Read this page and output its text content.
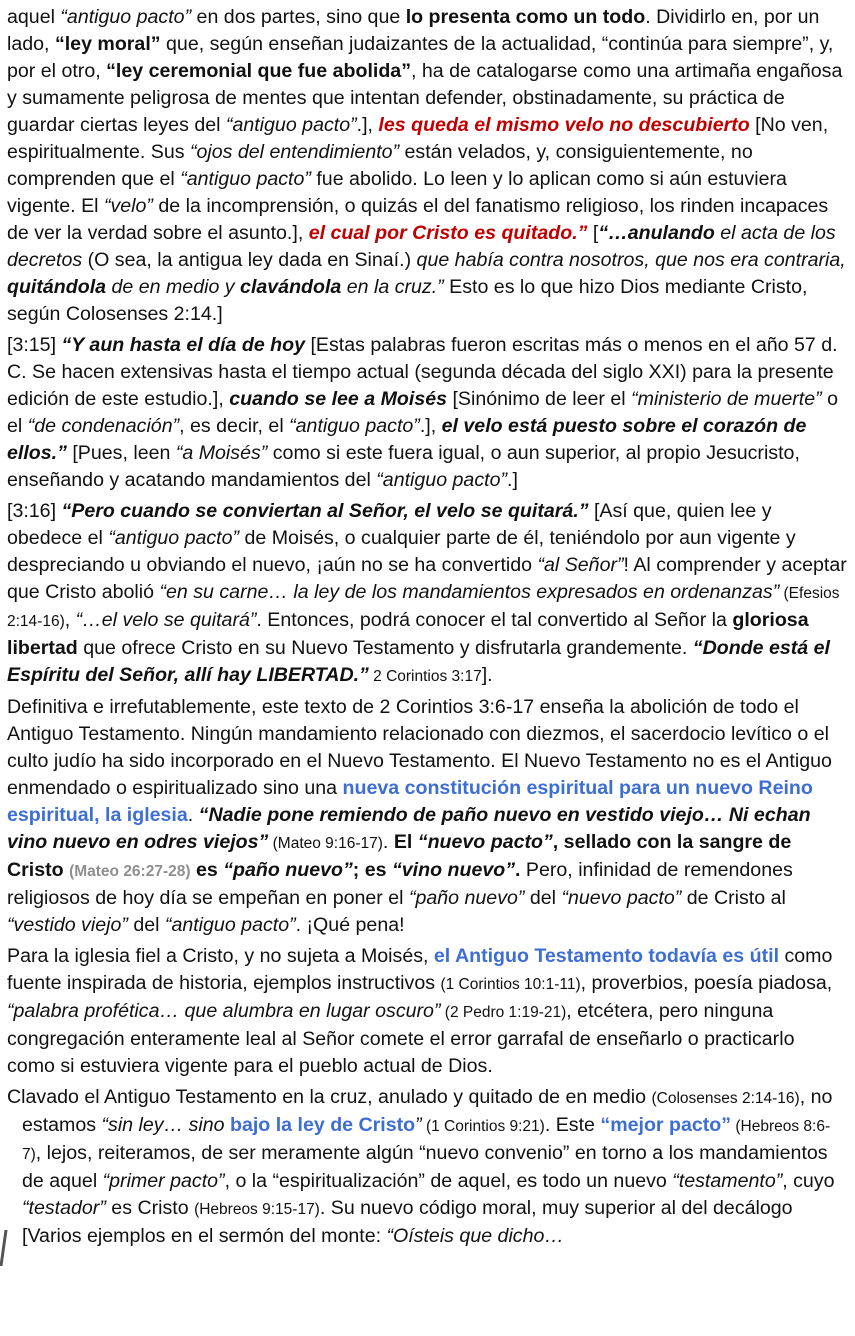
aquel “antiguo pacto” en dos partes, sino que lo presenta como un todo. Dividirlo en, por un lado, “ley moral” que, según enseñan judaizantes de la actualidad, “continúa para siempre”, y, por el otro, “ley ceremonial que fue abolida”, ha de catalogarse como una artimaña engañosa y sumamente peligrosa de mentes que intentan defender, obstinadamente, su práctica de guardar ciertas leyes del “antiguo pacto”.], les queda el mismo velo no descubierto [No ven, espiritualmente. Sus “ojos del entendimiento” están velados, y, consiguientemente, no comprenden que el “antiguo pacto” fue abolido. Lo leen y lo aplican como si aún estuviera vigente. El “velo” de la incomprensión, o quizás el del fanatismo religioso, los rinden incapaces de ver la verdad sobre el asunto.], el cual por Cristo es quitado.” [“…anulando el acta de los decretos (O sea, la antigua ley dada en Sinaí.) que había contra nosotros, que nos era contraria, quitándola de en medio y clavándola en la cruz.” Esto es lo que hizo Dios mediante Cristo, según Colosenses 2:14.]

[3:15] “Y aun hasta el día de hoy [Estas palabras fueron escritas más o menos en el año 57 d. C. Se hacen extensivas hasta el tiempo actual (segunda década del siglo XXI) para la presente edición de este estudio.], cuando se lee a Moisés [Sinónimo de leer el “ministerio de muerte” o el “de condenación”, es decir, el “antiguo pacto”.], el velo está puesto sobre el corazón de ellos.” [Pues, leen “a Moisés” como si este fuera igual, o aun superior, al propio Jesucristo, enseñando y acatando mandamientos del “antiguo pacto”.]

[3:16] “Pero cuando se conviertan al Señor, el velo se quitará.” [Así que, quien lee y obedece el “antiguo pacto” de Moisés, o cualquier parte de él, teniéndolo por aun vigente y despreciando u obviando el nuevo, ¡aún no se ha convertido “al Señor”! Al comprender y aceptar que Cristo abolió “en su carne… la ley de los mandamientos expresados en ordenanzas” (Efesios 2:14-16), “…el velo se quitará”. Entonces, podrá conocer el tal convertido al Señor la gloriosa libertad que ofrece Cristo en su Nuevo Testamento y disfrutarla grandemente. “Donde está el Espíritu del Señor, allí hay LIBERTAD.” 2 Corintios 3:17].

Definitiva e irrefutablemente, este texto de 2 Corintios 3:6-17 enseña la abolición de todo el Antiguo Testamento. Ningún mandamiento relacionado con diezmos, el sacerdocio levítico o el culto judío ha sido incorporado en el Nuevo Testamento. El Nuevo Testamento no es el Antiguo enmendado o espiritualizado sino una nueva constitución espiritual para un nuevo Reino espiritual, la iglesia. “Nadie pone remiendo de paño nuevo en vestido viejo… Ni echan vino nuevo en odres viejos” (Mateo 9:16-17). El “nuevo pacto”, sellado con la sangre de Cristo (Mateo 26:27-28) es “paño nuevo”; es “vino nuevo”. Pero, infinidad de remendones religiosos de hoy día se empeñan en poner el “paño nuevo” del “nuevo pacto” de Cristo al “vestido viejo” del “antiguo pacto”. ¡Qué pena!

Para la iglesia fiel a Cristo, y no sujeta a Moisés, el Antiguo Testamento todavía es útil como fuente inspirada de historia, ejemplos instructivos (1 Corintios 10:1-11), proverbios, poesía piadosa, “palabra profética… que alumbra en lugar oscuro” (2 Pedro 1:19-21), etcétera, pero ninguna congregación enteramente leal al Señor comete el error garrafal de enseñarlo o practicarlo como si estuviera vigente para el pueblo actual de Dios.

Clavado el Antiguo Testamento en la cruz, anulado y quitado de en medio (Colosenses 2:14-16), no estamos “sin ley… sino bajo la ley de Cristo” (1 Corintios 9:21). Este “mejor pacto” (Hebreos 8:6-7), lejos, reiteramos, de ser meramente algún “nuevo convenio” en torno a los mandamientos de aquel “primer pacto”, o la “espiritualización” de aquel, es todo un nuevo “testamento”, cuyo “testador” es Cristo (Hebreos 9:15-17). Su nuevo código moral, muy superior al del decálogo [Varios ejemplos en el sermón del monte: “Oísteis que dicho…
